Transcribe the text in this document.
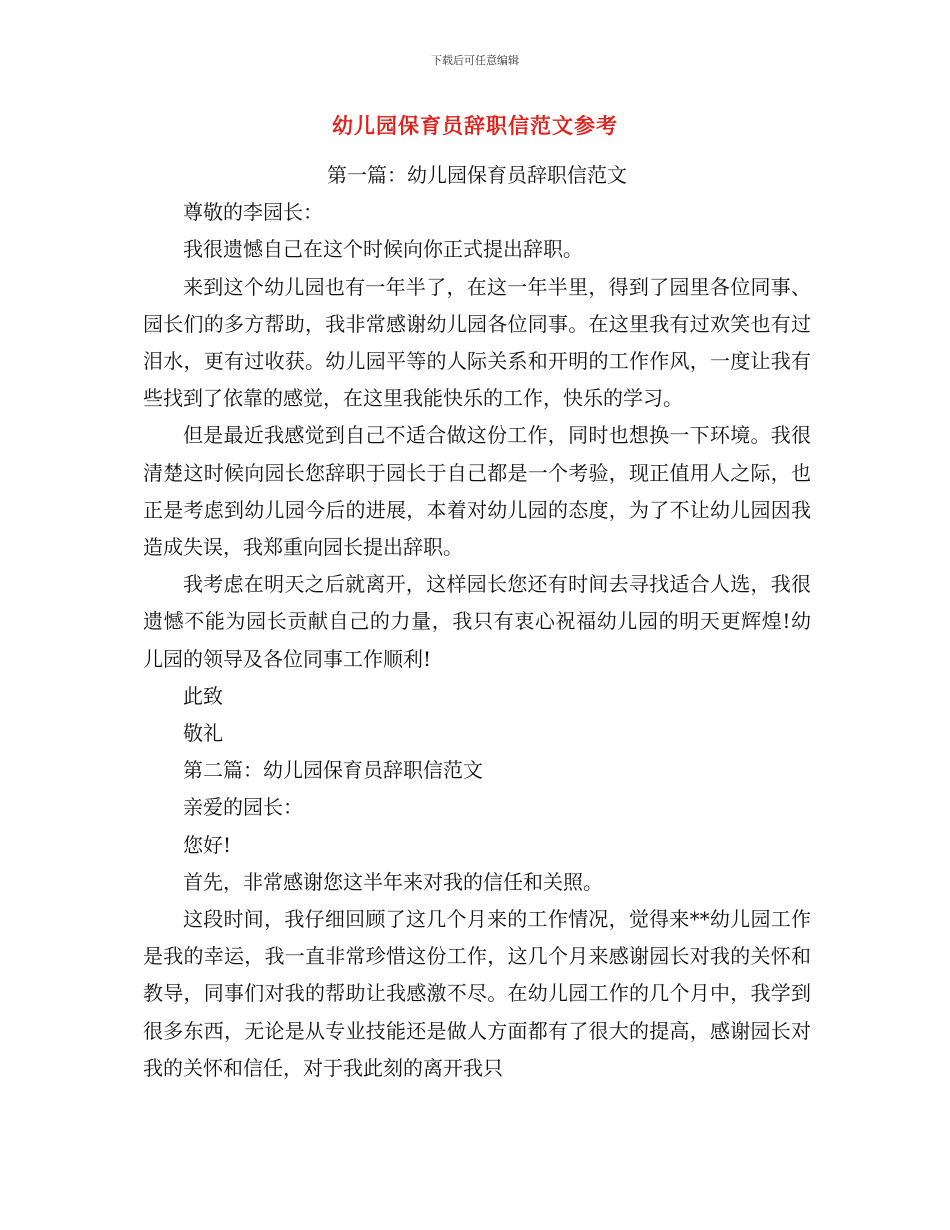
下载后可任意编辑
幼儿园保育员辞职信范文参考

第一篇：幼儿园保育员辞职信范文

尊敬的李园长：

我很遗憾自己在这个时候向你正式提出辞职。

来到这个幼儿园也有一年半了，在这一年半里，得到了园里各位同事、园长们的多方帮助，我非常感谢幼儿园各位同事。在这里我有过欢笑也有过泪水，更有过收获。幼儿园平等的人际关系和开明的工作作风，一度让我有些找到了依靠的感觉，在这里我能快乐的工作，快乐的学习。

但是最近我感觉到自己不适合做这份工作，同时也想换一下环境。我很清楚这时候向园长您辞职于园长于自己都是一个考验，现正值用人之际，也正是考虑到幼儿园今后的进展，本着对幼儿园的态度，为了不让幼儿园因我造成失误，我郑重向园长提出辞职。

我考虑在明天之后就离开，这样园长您还有时间去寻找适合人选，我很遗憾不能为园长贡献自己的力量，我只有衷心祝福幼儿园的明天更辉煌!幼儿园的领导及各位同事工作顺利!

此致

敬礼

第二篇：幼儿园保育员辞职信范文

亲爱的园长：

您好!

首先，非常感谢您这半年来对我的信任和关照。

这段时间，我仔细回顾了这几个月来的工作情况，觉得来**幼儿园工作是我的幸运，我一直非常珍惜这份工作，这几个月来感谢园长对我的关怀和教导，同事们对我的帮助让我感激不尽。在幼儿园工作的几个月中，我学到很多东西，无论是从专业技能还是做人方面都有了很大的提高，感谢园长对我的关怀和信任，对于我此刻的离开我只
